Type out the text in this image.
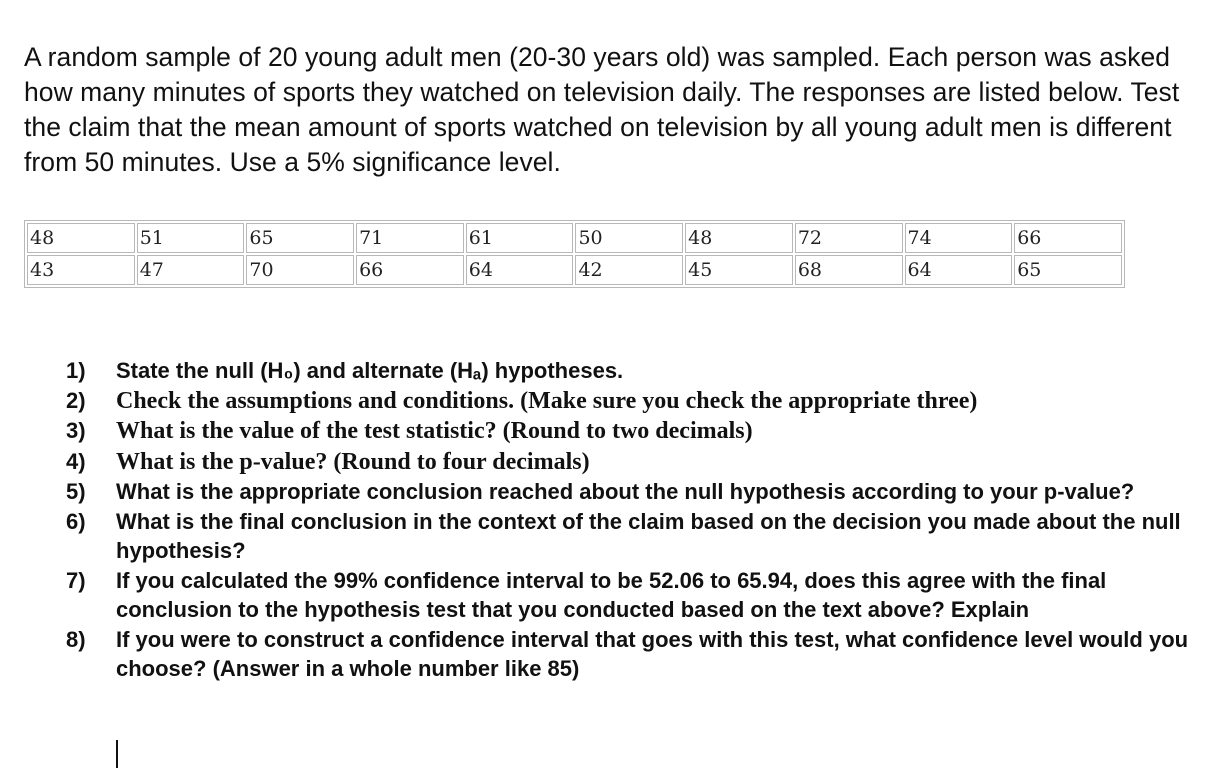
A random sample of 20 young adult men (20-30 years old) was sampled. Each person was asked how many minutes of sports they watched on television daily. The responses are listed below. Test the claim that the mean amount of sports watched on television by all young adult men is different from 50 minutes. Use a 5% significance level.

48	51	65	71	61	50	48	72	74	66
43	47	70	66	64	42	45	68	64	65
1) State the null (H₀) and alternate (Hₐ) hypotheses.
2) Check the assumptions and conditions. (Make sure you check the appropriate three)
3) What is the value of the test statistic? (Round to two decimals)
4) What is the p-value? (Round to four decimals)
5) What is the appropriate conclusion reached about the null hypothesis according to your p-value?
6) What is the final conclusion in the context of the claim based on the decision you made about the null hypothesis?
7) If you calculated the 99% confidence interval to be 52.06 to 65.94, does this agree with the final conclusion to the hypothesis test that you conducted based on the text above? Explain
8) If you were to construct a confidence interval that goes with this test, what confidence level would you choose? (Answer in a whole number like 85)
